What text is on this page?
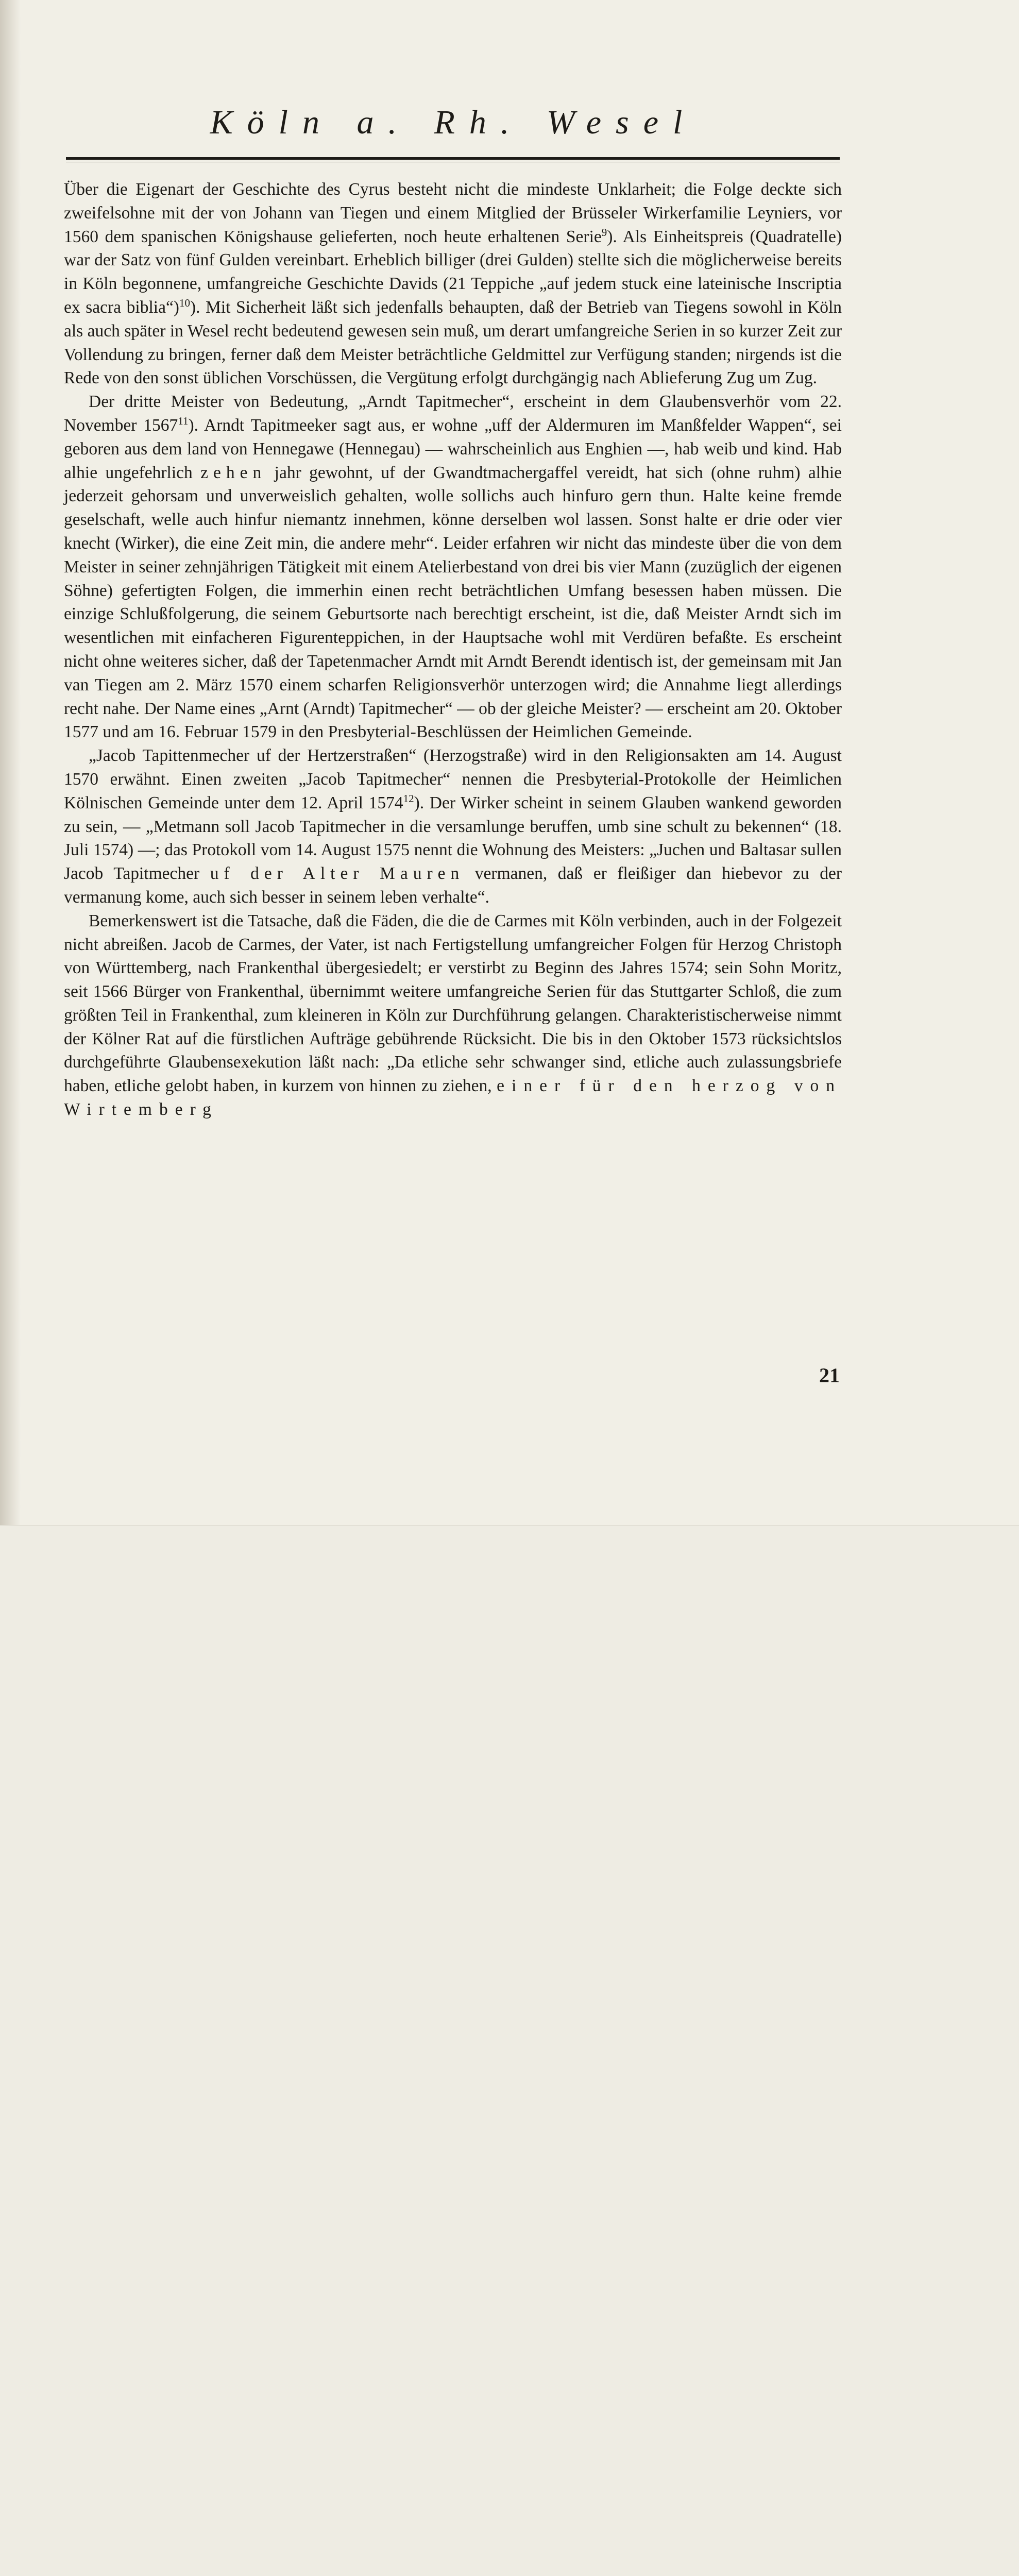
Köln a. Rh. Wesel

Über die Eigenart der Geschichte des Cyrus besteht nicht die mindeste Unklarheit; die Folge deckte sich zweifelsohne mit der von Johann van Tiegen und einem Mitglied der Brüsseler Wirkerfamilie Leyniers, vor 1560 dem spanischen Königshause gelieferten, noch heute erhaltenen Serie$^9$). Als Einheitspreis (Quadratelle) war der Satz von fünf Gulden vereinbart. Erheblich billiger (drei Gulden) stellte sich die möglicherweise bereits in Köln begonnene, umfangreiche Geschichte Davids (21 Teppiche „auf jedem stuck eine lateinische Inscriptia ex sacra biblia“)$^{10}$). Mit Sicherheit läßt sich jedenfalls behaupten, daß der Betrieb van Tiegens sowohl in Köln als auch später in Wesel recht bedeutend gewesen sein muß, um derart umfangreiche Serien in so kurzer Zeit zur Vollendung zu bringen, ferner daß dem Meister beträchtliche Geldmittel zur Verfügung standen; nirgends ist die Rede von den sonst üblichen Vorschüssen, die Vergütung erfolgt durchgängig nach Ablieferung Zug um Zug.

Der dritte Meister von Bedeutung, „Arndt Tapitmecher“, erscheint in dem Glaubensverhör vom 22. November 1567$^{11}$). Arndt Tapitmeeker sagt aus, er wohne „uff der Aldermuren im Manßfelder Wappen“, sei geboren aus dem land von Hennegawe (Hennegau) — wahrscheinlich aus Enghien —, hab weib und kind. Hab alhie ungefehrlich zehen jahr gewohnt, uf der Gwandtmachergaffel vereidt, hat sich (ohne ruhm) alhie jederzeit gehorsam und unverweislich gehalten, wolle sollichs auch hinfuro gern thun. Halte keine fremde geselschaft, welle auch hinfur niemantz innehmen, könne derselben wol lassen. Sonst halte er drie oder vier knecht (Wirker), die eine Zeit min, die andere mehr“. Leider erfahren wir nicht das mindeste über die von dem Meister in seiner zehnjährigen Tätigkeit mit einem Atelierbestand von drei bis vier Mann (zuzüglich der eigenen Söhne) gefertigten Folgen, die immerhin einen recht beträchtlichen Umfang besessen haben müssen. Die einzige Schlußfolgerung, die seinem Geburtsorte nach berechtigt erscheint, ist die, daß Meister Arndt sich im wesentlichen mit einfacheren Figurenteppichen, in der Hauptsache wohl mit Verdüren befaßte. Es erscheint nicht ohne weiteres sicher, daß der Tapetenmacher Arndt mit Arndt Berendt identisch ist, der gemeinsam mit Jan van Tiegen am 2. März 1570 einem scharfen Religionsverhör unterzogen wird; die Annahme liegt allerdings recht nahe. Der Name eines „Arnt (Arndt) Tapitmecher“ — ob der gleiche Meister? — erscheint am 20. Oktober 1577 und am 16. Februar 1579 in den Presbyterial-Beschlüssen der Heimlichen Gemeinde.

„Jacob Tapittenmecher uf der Hertzerstraßen“ (Herzogstraße) wird in den Religionsakten am 14. August 1570 erwähnt. Einen zweiten „Jacob Tapitmecher“ nennen die Presbyterial-Protokolle der Heimlichen Kölnischen Gemeinde unter dem 12. April 1574$^{12}$). Der Wirker scheint in seinem Glauben wankend geworden zu sein, — „Metmann soll Jacob Tapitmecher in die versamlunge beruffen, umb sine schult zu bekennen“ (18. Juli 1574) —; das Protokoll vom 14. August 1575 nennt die Wohnung des Meisters: „Juchen und Baltasar sullen Jacob Tapitmecher uf der Alter Mauren vermanen, daß er fleißiger dan hiebevor zu der vermanung kome, auch sich besser in seinem leben verhalte“.

Bemerkenswert ist die Tatsache, daß die Fäden, die die de Carmes mit Köln verbinden, auch in der Folgezeit nicht abreißen. Jacob de Carmes, der Vater, ist nach Fertigstellung umfangreicher Folgen für Herzog Christoph von Württemberg, nach Frankenthal übergesiedelt; er verstirbt zu Beginn des Jahres 1574; sein Sohn Moritz, seit 1566 Bürger von Frankenthal, übernimmt weitere umfangreiche Serien für das Stuttgarter Schloß, die zum größten Teil in Frankenthal, zum kleineren in Köln zur Durchführung gelangen. Charakteristischerweise nimmt der Kölner Rat auf die fürstlichen Aufträge gebührende Rücksicht. Die bis in den Oktober 1573 rücksichtslos durchgeführte Glaubensexekution läßt nach: „Da etliche sehr schwanger sind, etliche auch zulassungsbriefe haben, etliche gelobt haben, in kurzem von hinnen zu ziehen, einer für den herzog von Wirtemberg

21
